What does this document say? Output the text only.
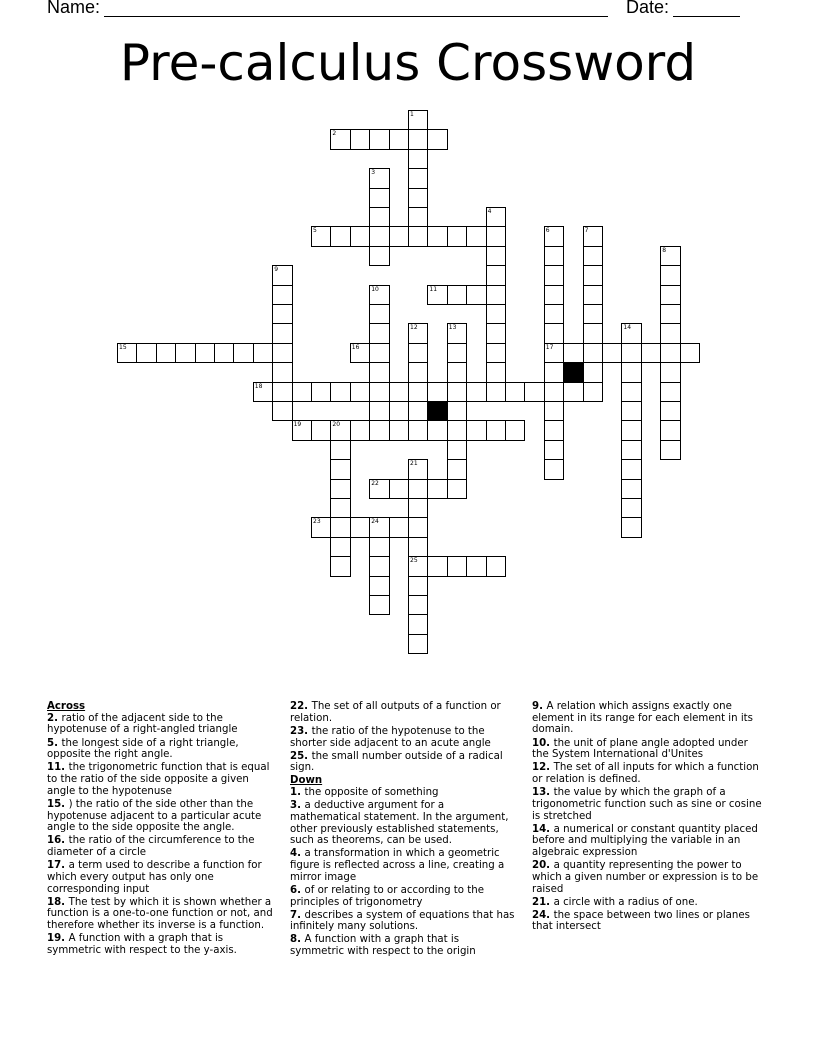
Name:	Date:
Pre-calculus Crossword
1
2
3
4
5	6	7
8
9
10	11
12	13	14
15	16	17
18
19	20
21
22
23	24
25
Across
2. ratio of the adjacent side to the hypotenuse of a right-angled triangle
5. the longest side of a right triangle, opposite the right angle.
11. the trigonometric function that is equal to the ratio of the side opposite a given angle to the hypotenuse
15. ) the ratio of the side other than the hypotenuse adjacent to a particular acute angle to the side opposite the angle.
16. the ratio of the circumference to the diameter of a circle
17. a term used to describe a function for which every output has only one corresponding input
18. The test by which it is shown whether a function is a one-to-one function or not, and therefore whether its inverse is a function.
19. A function with a graph that is symmetric with respect to the y-axis.
22. The set of all outputs of a function or relation.
23. the ratio of the hypotenuse to the shorter side adjacent to an acute angle
25. the small number outside of a radical sign.
Down
1. the opposite of something
3. a deductive argument for a mathematical statement. In the argument, other previously established statements, such as theorems, can be used.
4. a transformation in which a geometric figure is reflected across a line, creating a mirror image
6. of or relating to or according to the principles of trigonometry
7. describes a system of equations that has infinitely many solutions.
8. A function with a graph that is symmetric with respect to the origin
9. A relation which assigns exactly one element in its range for each element in its domain.
10. the unit of plane angle adopted under the System International d'Unites
12. The set of all inputs for which a function or relation is defined.
13. the value by which the graph of a trigonometric function such as sine or cosine is stretched
14. a numerical or constant quantity placed before and multiplying the variable in an algebraic expression
20. a quantity representing the power to which a given number or expression is to be raised
21. a circle with a radius of one.
24. the space between two lines or planes that intersect
